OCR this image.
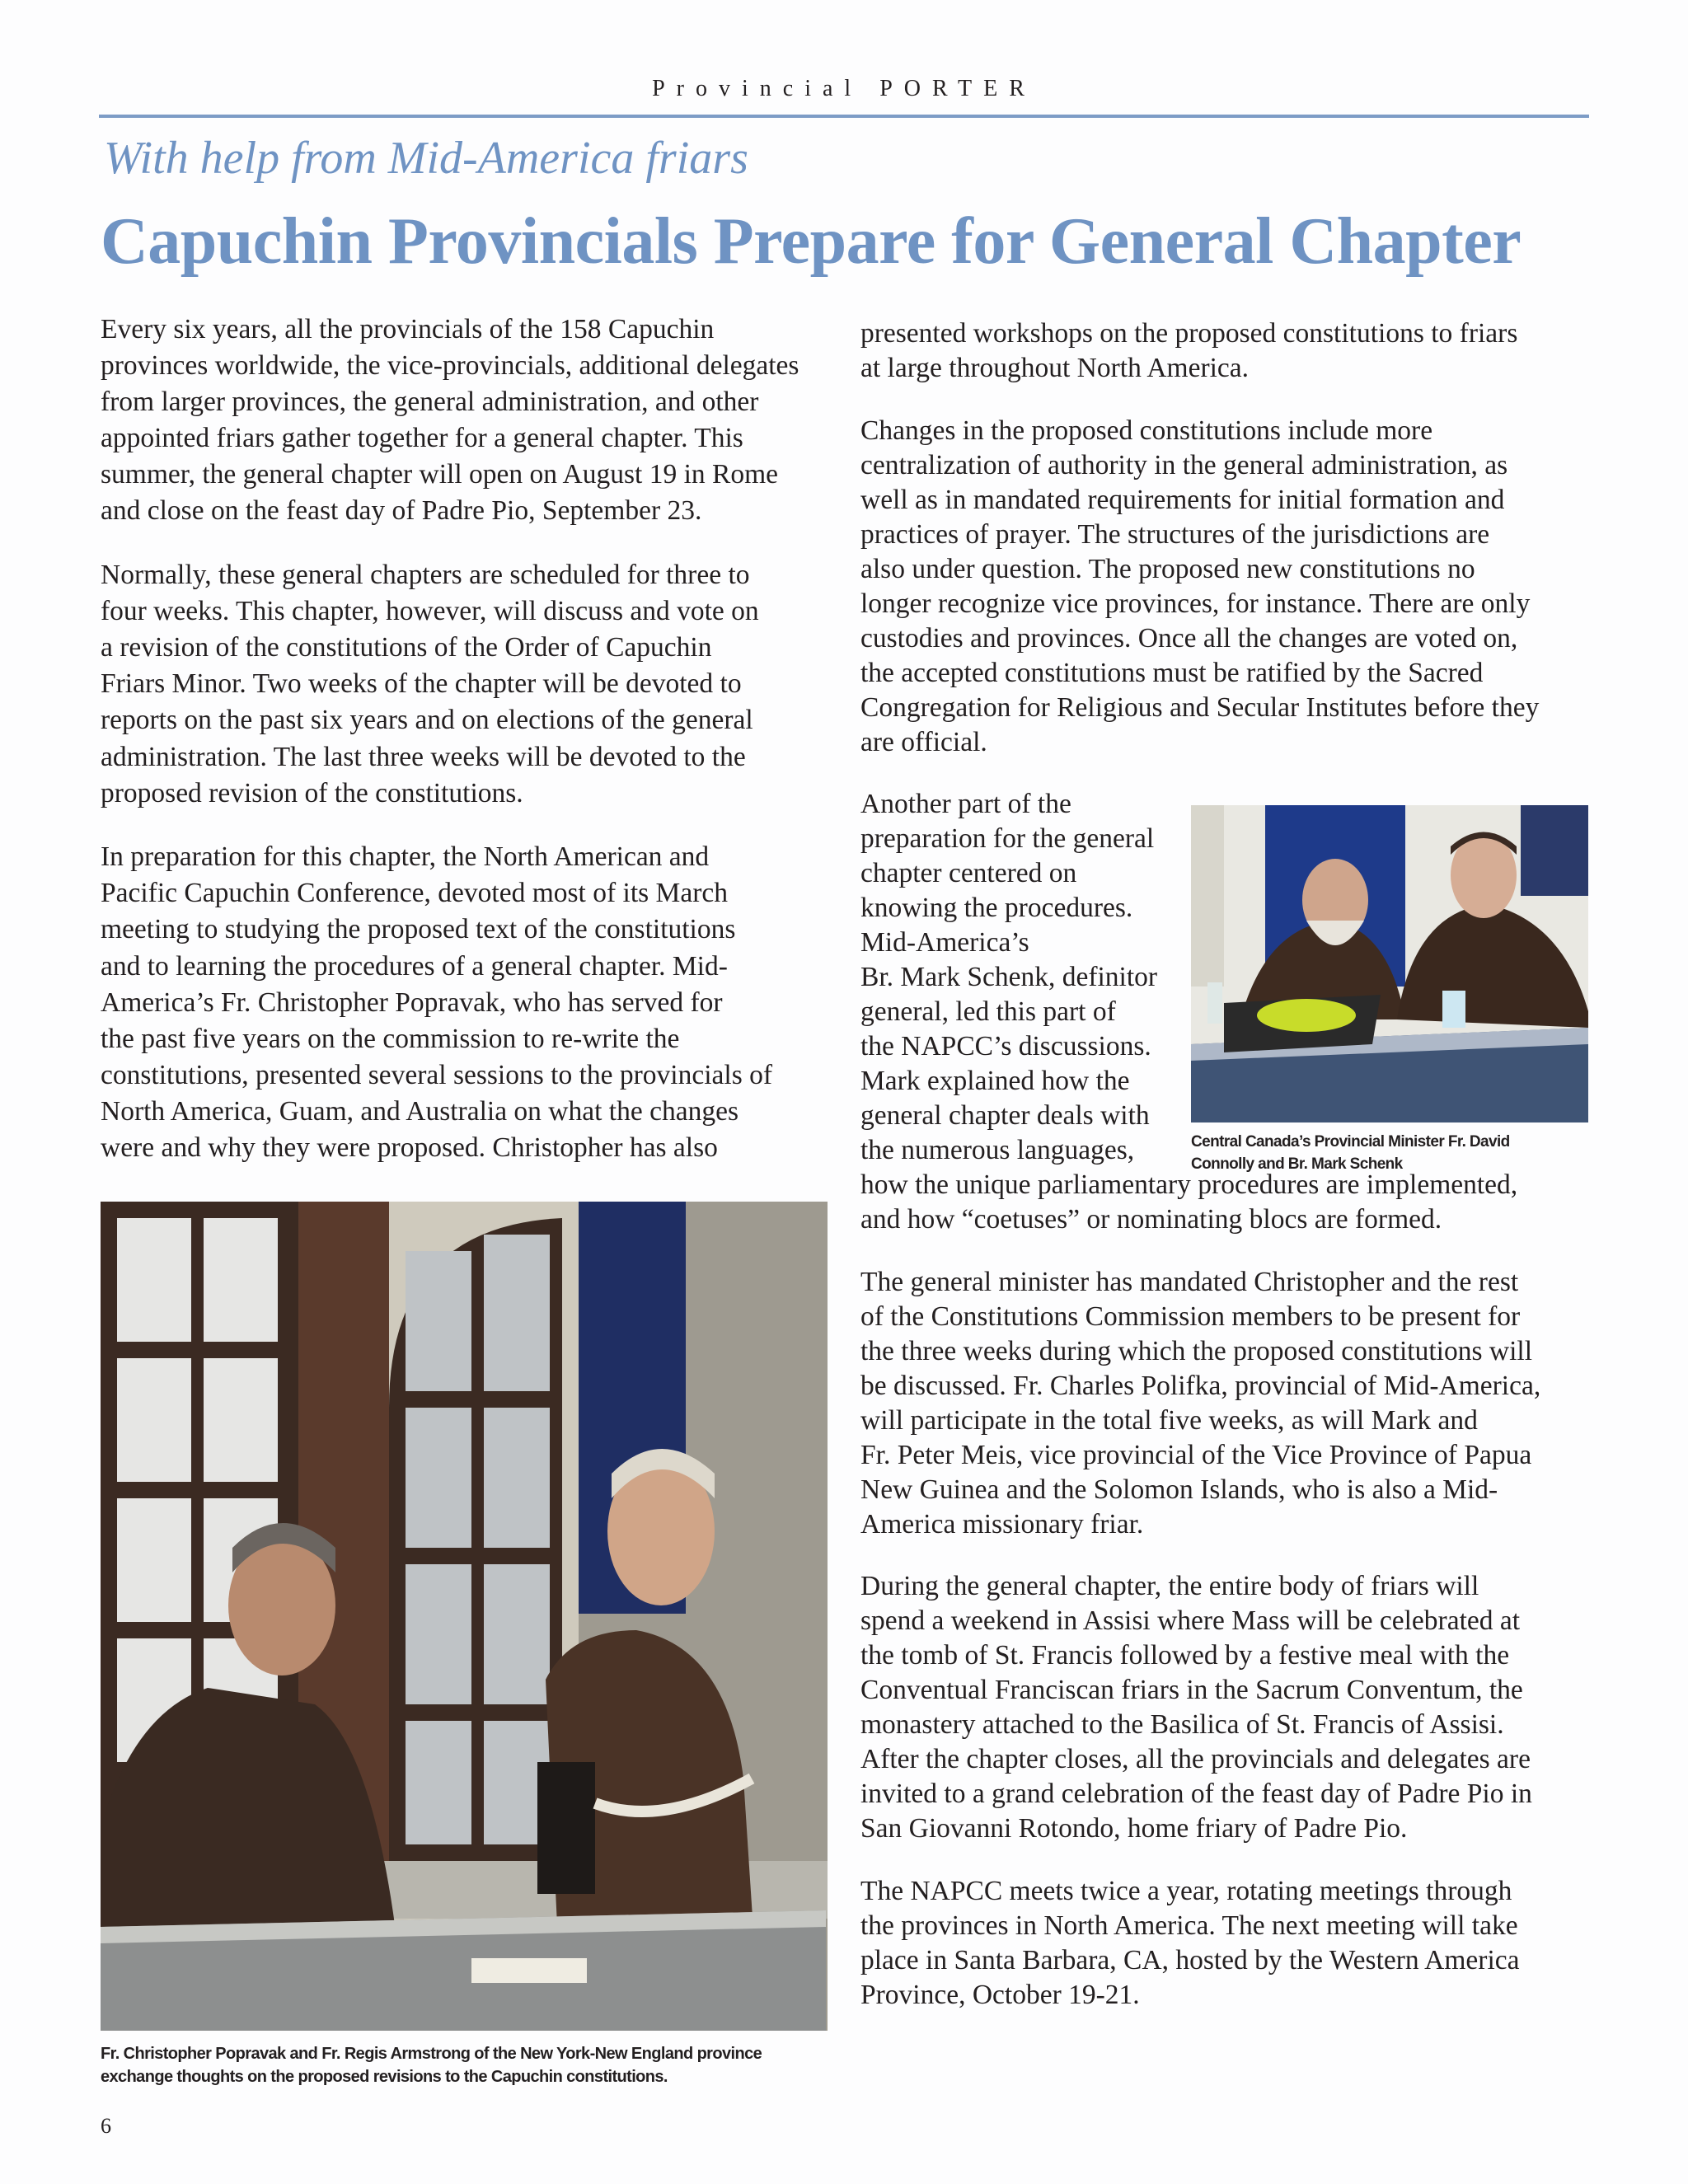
Provincial PORTER
With help from Mid-America friars
Capuchin Provincials Prepare for General Chapter
Every six years, all the provincials of the 158 Capuchin
provinces worldwide, the vice-provincials, additional delegates
from larger provinces, the general administration, and other
appointed friars gather together for a general chapter. This
summer, the general chapter will open on August 19 in Rome
and close on the feast day of Padre Pio, September 23.

Normally, these general chapters are scheduled for three to
four weeks. This chapter, however, will discuss and vote on
a revision of the constitutions of the Order of Capuchin
Friars Minor. Two weeks of the chapter will be devoted to
reports on the past six years and on elections of the general
administration. The last three weeks will be devoted to the
proposed revision of the constitutions.

In preparation for this chapter, the North American and
Pacific Capuchin Conference, devoted most of its March
meeting to studying the proposed text of the constitutions
and to learning the procedures of a general chapter. Mid-
America’s Fr. Christopher Popravak, who has served for
the past five years on the commission to re-write the
constitutions, presented several sessions to the provincials of
North America, Guam, and Australia on what the changes
were and why they were proposed. Christopher has also
presented workshops on the proposed constitutions to friars
at large throughout North America.

Changes in the proposed constitutions include more
centralization of authority in the general administration, as
well as in mandated requirements for initial formation and
practices of prayer. The structures of the jurisdictions are
also under question. The proposed new constitutions no
longer recognize vice provinces, for instance. There are only
custodies and provinces. Once all the changes are voted on,
the accepted constitutions must be ratified by the Sacred
Congregation for Religious and Secular Institutes before they
are official.

Another part of the
preparation for the general
chapter centered on
knowing the procedures.
Mid-America’s
Br. Mark Schenk, definitor
general, led this part of
the NAPCC’s discussions.
Mark explained how the
general chapter deals with
the numerous languages,
how the unique parliamentary procedures are implemented,
and how “coetuses” or nominating blocs are formed.

The general minister has mandated Christopher and the rest
of the Constitutions Commission members to be present for
the three weeks during which the proposed constitutions will
be discussed. Fr. Charles Polifka, provincial of Mid-America,
will participate in the total five weeks, as will Mark and
Fr. Peter Meis, vice provincial of the Vice Province of Papua
New Guinea and the Solomon Islands, who is also a Mid-
America missionary friar.

During the general chapter, the entire body of friars will
spend a weekend in Assisi where Mass will be celebrated at
the tomb of St. Francis followed by a festive meal with the
Conventual Franciscan friars in the Sacrum Conventum, the
monastery attached to the Basilica of St. Francis of Assisi.
After the chapter closes, all the provincials and delegates are
invited to a grand celebration of the feast day of Padre Pio in
San Giovanni Rotondo, home friary of Padre Pio.

The NAPCC meets twice a year, rotating meetings through
the provinces in North America. The next meeting will take
place in Santa Barbara, CA, hosted by the Western America
Province, October 19-21.
Fr. Christopher Popravak and Fr. Regis Armstrong of the New York-New England province
exchange thoughts on the proposed revisions to the Capuchin constitutions.
Central Canada’s Provincial Minister Fr. David
Connolly and Br. Mark Schenk
6
